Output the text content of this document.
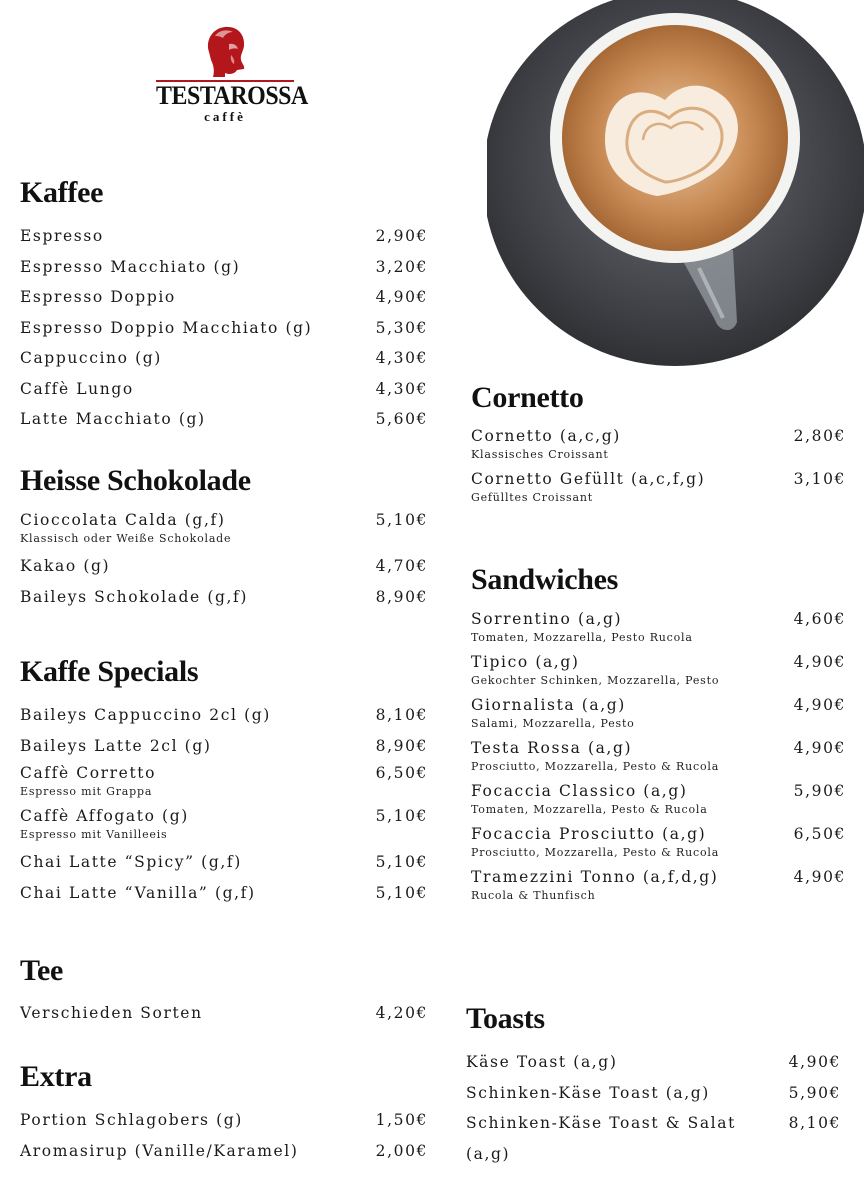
TESTAROSSA
caffè
Kaffee
Espresso	2,90€
Espresso Macchiato (g)	3,20€
Espresso Doppio	4,90€
Espresso Doppio Macchiato (g)	5,30€
Cappuccino (g)	4,30€
Caffè Lungo	4,30€
Latte Macchiato (g)	5,60€
Heisse Schokolade
Cioccolata Calda (g,f)	5,10€
Klassisch oder Weiße Schokolade
Kakao (g)	4,70€
Baileys Schokolade (g,f)	8,90€
Kaffe Specials
Baileys Cappuccino 2cl (g)	8,10€
Baileys Latte 2cl (g)	8,90€
Caffè Corretto	6,50€
Espresso mit Grappa
Caffè Affogato (g)	5,10€
Espresso mit Vanilleeis
Chai Latte “Spicy” (g,f)	5,10€
Chai Latte “Vanilla” (g,f)	5,10€
Tee
Verschieden Sorten	4,20€
Extra
Portion Schlagobers (g)	1,50€
Aromasirup (Vanille/Karamel)	2,00€
Cornetto
Cornetto (a,c,g)	2,80€
Klassisches Croissant
Cornetto Gefüllt (a,c,f,g)	3,10€
Gefülltes Croissant
Sandwiches
Sorrentino (a,g)	4,60€
Tomaten, Mozzarella, Pesto Rucola
Tipico (a,g)	4,90€
Gekochter Schinken, Mozzarella, Pesto
Giornalista (a,g)	4,90€
Salami, Mozzarella, Pesto
Testa Rossa (a,g)	4,90€
Prosciutto, Mozzarella, Pesto & Rucola
Focaccia Classico (a,g)	5,90€
Tomaten, Mozzarella, Pesto & Rucola
Focaccia Prosciutto (a,g)	6,50€
Prosciutto, Mozzarella, Pesto & Rucola
Tramezzini Tonno (a,f,d,g)	4,90€
Rucola & Thunfisch
Toasts
Käse Toast (a,g)	4,90€
Schinken-Käse Toast (a,g)	5,90€
Schinken-Käse Toast & Salat	8,10€
(a,g)
